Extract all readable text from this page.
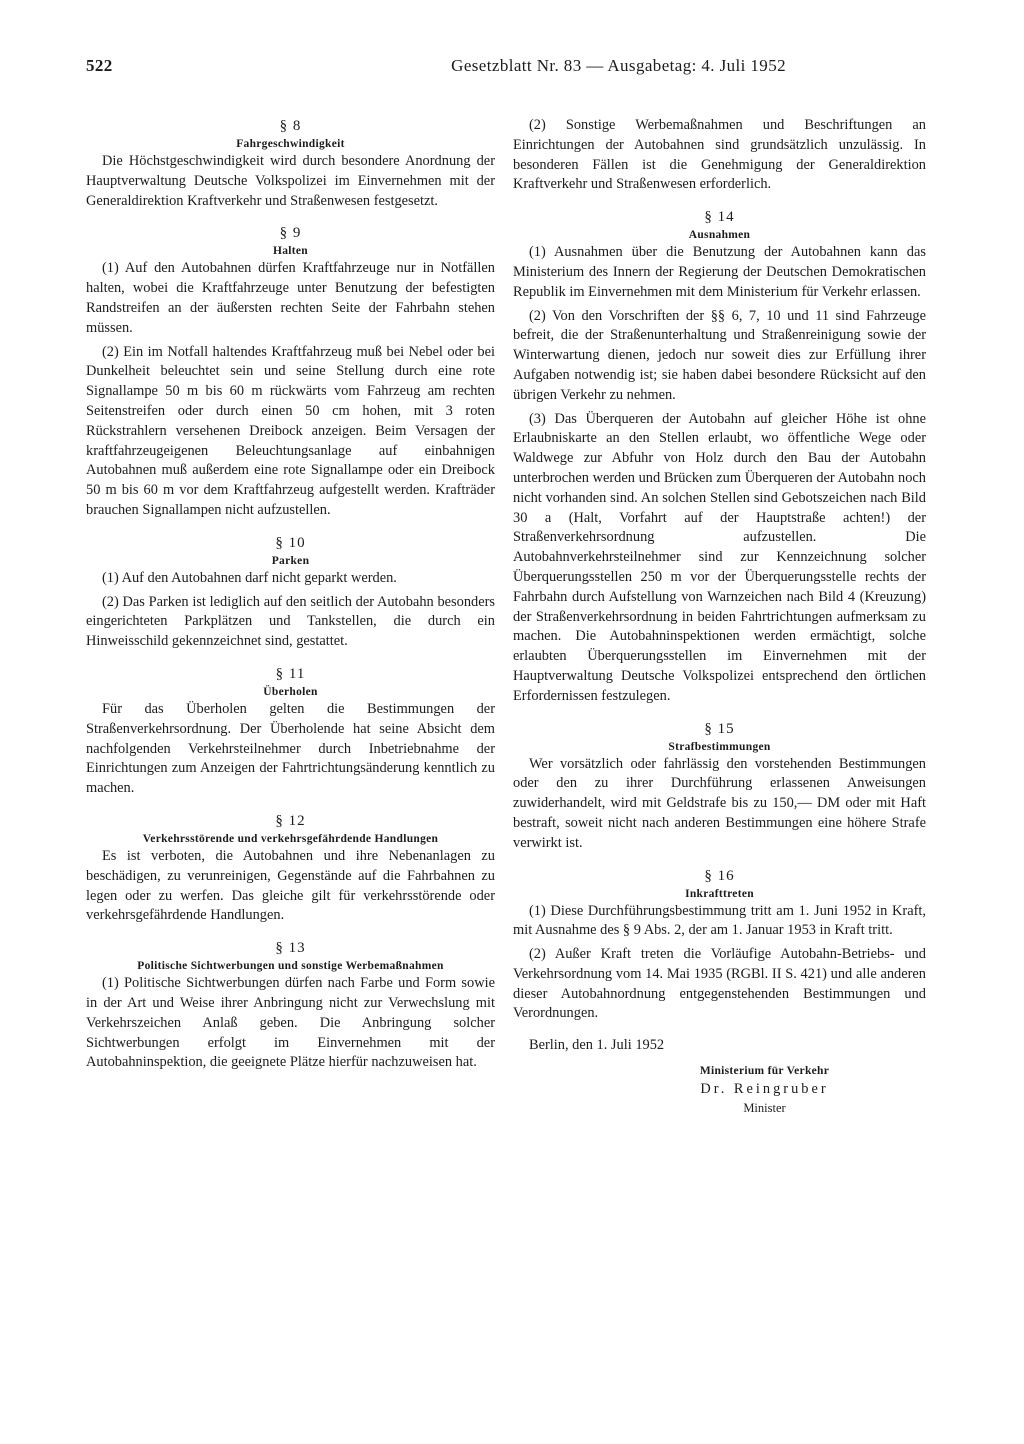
522	Gesetzblatt Nr. 83 — Ausgabetag: 4. Juli 1952
§ 8
Fahrgeschwindigkeit

Die Höchstgeschwindigkeit wird durch besondere Anordnung der Hauptverwaltung Deutsche Volkspolizei im Einvernehmen mit der Generaldirektion Kraftverkehr und Straßenwesen festgesetzt.

§ 9
Halten

(1) Auf den Autobahnen dürfen Kraftfahrzeuge nur in Notfällen halten, wobei die Kraftfahrzeuge unter Benutzung der befestigten Randstreifen an der äußersten rechten Seite der Fahrbahn stehen müssen.

(2) Ein im Notfall haltendes Kraftfahrzeug muß bei Nebel oder bei Dunkelheit beleuchtet sein und seine Stellung durch eine rote Signallampe 50 m bis 60 m rückwärts vom Fahrzeug am rechten Seitenstreifen oder durch einen 50 cm hohen, mit 3 roten Rückstrahlern versehenen Dreibock anzeigen. Beim Versagen der kraftfahrzeugeigenen Beleuchtungsanlage auf einbahnigen Autobahnen muß außerdem eine rote Signallampe oder ein Dreibock 50 m bis 60 m vor dem Kraftfahrzeug aufgestellt werden. Krafträder brauchen Signallampen nicht aufzustellen.

§ 10
Parken

(1) Auf den Autobahnen darf nicht geparkt werden.

(2) Das Parken ist lediglich auf den seitlich der Autobahn besonders eingerichteten Parkplätzen und Tankstellen, die durch ein Hinweisschild gekennzeichnet sind, gestattet.

§ 11
Überholen

Für das Überholen gelten die Bestimmungen der Straßenverkehrsordnung. Der Überholende hat seine Absicht dem nachfolgenden Verkehrsteilnehmer durch Inbetriebnahme der Einrichtungen zum Anzeigen der Fahrtrichtungsänderung kenntlich zu machen.

§ 12
Verkehrsstörende und verkehrsgefährdende Handlungen

Es ist verboten, die Autobahnen und ihre Nebenanlagen zu beschädigen, zu verunreinigen, Gegenstände auf die Fahrbahnen zu legen oder zu werfen. Das gleiche gilt für verkehrsstörende oder verkehrsgefährdende Handlungen.

§ 13
Politische Sichtwerbungen und sonstige Werbemaßnahmen

(1) Politische Sichtwerbungen dürfen nach Farbe und Form sowie in der Art und Weise ihrer Anbringung nicht zur Verwechslung mit Verkehrszeichen Anlaß geben. Die Anbringung solcher Sichtwerbungen erfolgt im Einvernehmen mit der Autobahninspektion, die geeignete Plätze hierfür nachzuweisen hat.

(2) Sonstige Werbemaßnahmen und Beschriftungen an Einrichtungen der Autobahnen sind grundsätzlich unzulässig. In besonderen Fällen ist die Genehmigung der Generaldirektion Kraftverkehr und Straßenwesen erforderlich.

§ 14
Ausnahmen

(1) Ausnahmen über die Benutzung der Autobahnen kann das Ministerium des Innern der Regierung der Deutschen Demokratischen Republik im Einvernehmen mit dem Ministerium für Verkehr erlassen.

(2) Von den Vorschriften der §§ 6, 7, 10 und 11 sind Fahrzeuge befreit, die der Straßenunterhaltung und Straßenreinigung sowie der Winterwartung dienen, jedoch nur soweit dies zur Erfüllung ihrer Aufgaben notwendig ist; sie haben dabei besondere Rücksicht auf den übrigen Verkehr zu nehmen.

(3) Das Überqueren der Autobahn auf gleicher Höhe ist ohne Erlaubniskarte an den Stellen erlaubt, wo öffentliche Wege oder Waldwege zur Abfuhr von Holz durch den Bau der Autobahn unterbrochen werden und Brücken zum Überqueren der Autobahn noch nicht vorhanden sind. An solchen Stellen sind Gebotszeichen nach Bild 30 a (Halt, Vorfahrt auf der Hauptstraße achten!) der Straßenverkehrsordnung aufzustellen. Die Autobahnverkehrsteilnehmer sind zur Kennzeichnung solcher Überquerungsstellen 250 m vor der Überquerungsstelle rechts der Fahrbahn durch Aufstellung von Warnzeichen nach Bild 4 (Kreuzung) der Straßenverkehrsordnung in beiden Fahrtrichtungen aufmerksam zu machen. Die Autobahninspektionen werden ermächtigt, solche erlaubten Überquerungsstellen im Einvernehmen mit der Hauptverwaltung Deutsche Volkspolizei entsprechend den örtlichen Erfordernissen festzulegen.

§ 15
Strafbestimmungen

Wer vorsätzlich oder fahrlässig den vorstehenden Bestimmungen oder den zu ihrer Durchführung erlassenen Anweisungen zuwiderhandelt, wird mit Geldstrafe bis zu 150,— DM oder mit Haft bestraft, soweit nicht nach anderen Bestimmungen eine höhere Strafe verwirkt ist.

§ 16
Inkrafttreten

(1) Diese Durchführungsbestimmung tritt am 1. Juni 1952 in Kraft, mit Ausnahme des § 9 Abs. 2, der am 1. Januar 1953 in Kraft tritt.

(2) Außer Kraft treten die Vorläufige Autobahn-Betriebs- und Verkehrsordnung vom 14. Mai 1935 (RGBl. II S. 421) und alle anderen dieser Autobahnordnung entgegenstehenden Bestimmungen und Verordnungen.

Berlin, den 1. Juli 1952

Ministerium für Verkehr
Dr. Reingruber
Minister
